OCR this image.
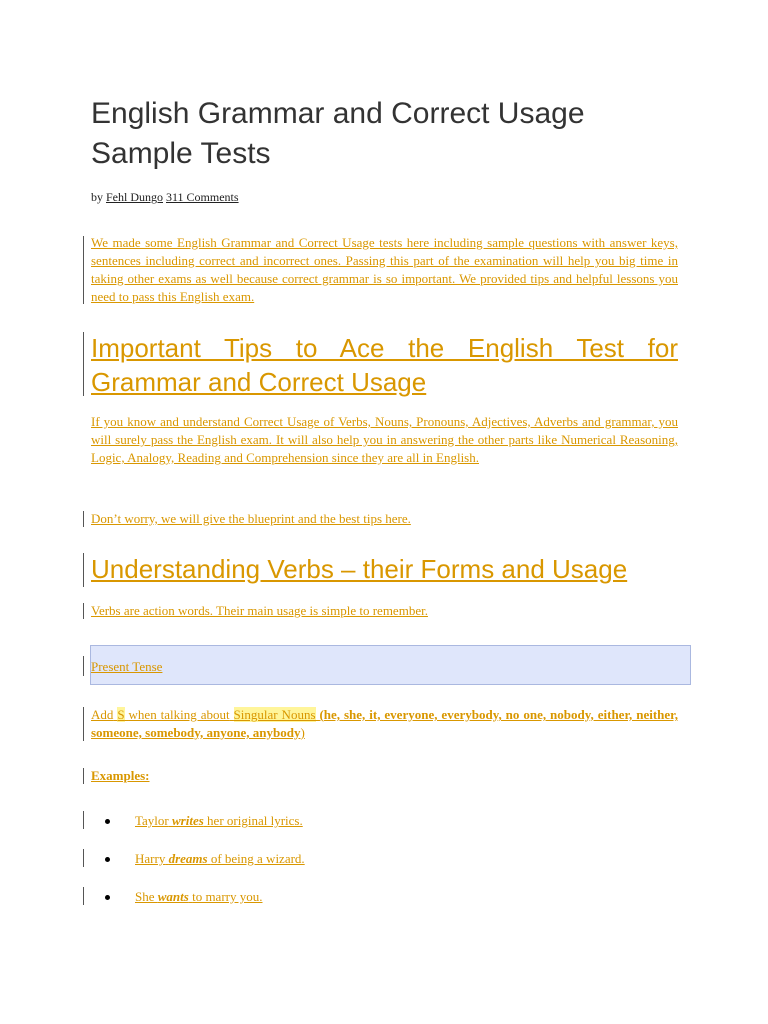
English Grammar and Correct Usage Sample Tests
by Fehl Dungo 311 Comments

We made some English Grammar and Correct Usage tests here including sample questions with answer keys, sentences including correct and incorrect ones. Passing this part of the examination will help you big time in taking other exams as well because correct grammar is so important. We provided tips and helpful lessons you need to pass this English exam.

Important Tips to Ace the English Test for Grammar and Correct Usage

If you know and understand Correct Usage of Verbs, Nouns, Pronouns, Adjectives, Adverbs and grammar, you will surely pass the English exam. It will also help you in answering the other parts like Numerical Reasoning, Logic, Analogy, Reading and Comprehension since they are all in English.

Don’t worry, we will give the blueprint and the best tips here.

Understanding Verbs – their Forms and Usage

Verbs are action words. Their main usage is simple to remember.

Present Tense

Add S when talking about Singular Nouns (he, she, it, everyone, everybody, no one, nobody, either, neither, someone, somebody, anyone, anybody)

Examples:

Taylor writes her original lyrics.
Harry dreams of being a wizard.
She wants to marry you.
